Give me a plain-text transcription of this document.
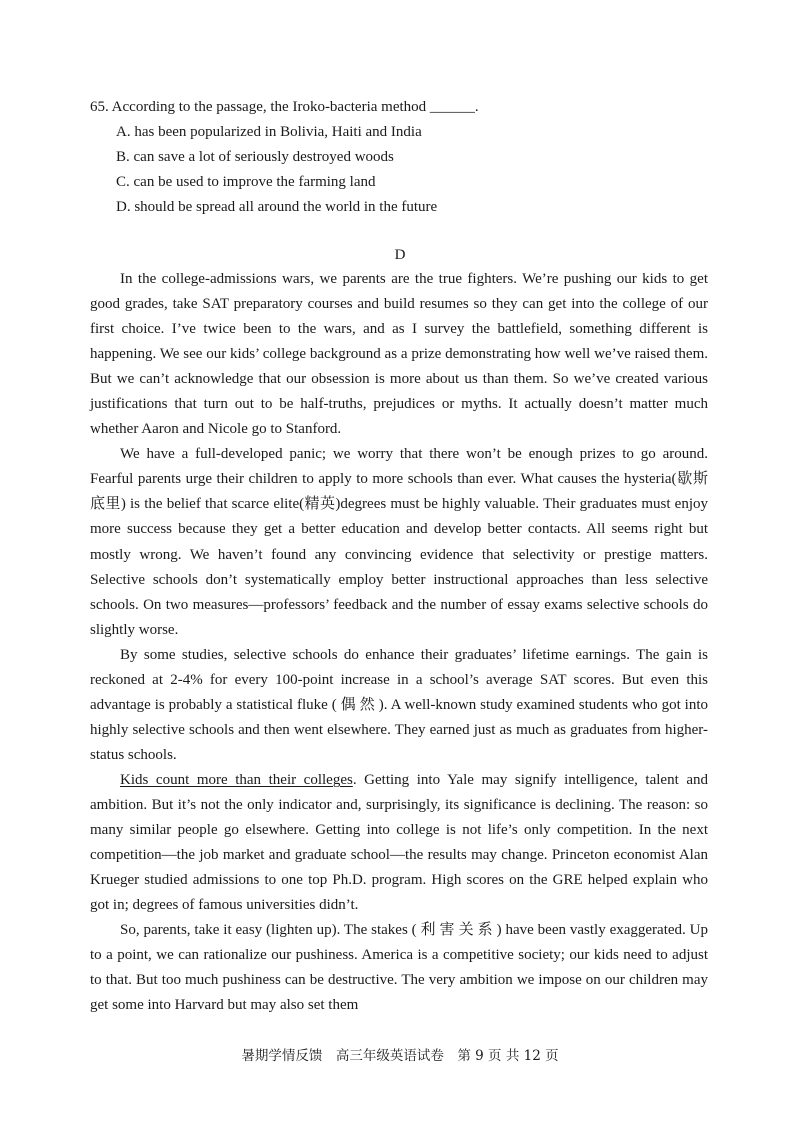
65. According to the passage, the Iroko-bacteria method ______.
A. has been popularized in Bolivia, Haiti and India
B. can save a lot of seriously destroyed woods
C. can be used to improve the farming land
D. should be spread all around the world in the future
D

In the college-admissions wars, we parents are the true fighters. We’re pushing our kids to get good grades, take SAT preparatory courses and build resumes so they can get into the college of our first choice. I’ve twice been to the wars, and as I survey the battlefield, something different is happening. We see our kids’ college background as a prize demonstrating how well we’ve raised them. But we can’t acknowledge that our obsession is more about us than them. So we’ve created various justifications that turn out to be half-truths, prejudices or myths. It actually doesn’t matter much whether Aaron and Nicole go to Stanford.

We have a full-developed panic; we worry that there won’t be enough prizes to go around. Fearful parents urge their children to apply to more schools than ever. What causes the hysteria(歇斯底里) is the belief that scarce elite(精英)degrees must be highly valuable. Their graduates must enjoy more success because they get a better education and develop better contacts. All seems right but mostly wrong. We haven’t found any convincing evidence that selectivity or prestige matters. Selective schools don’t systematically employ better instructional approaches than less selective schools. On two measures—professors’ feedback and the number of essay exams selective schools do slightly worse.

By some studies, selective schools do enhance their graduates’ lifetime earnings. The gain is reckoned at 2-4% for every 100-point increase in a school’s average SAT scores. But even this advantage is probably a statistical fluke ( 偶 然 ). A well-known study examined students who got into highly selective schools and then went elsewhere. They earned just as much as graduates from higher-status schools.

Kids count more than their colleges. Getting into Yale may signify intelligence, talent and ambition. But it’s not the only indicator and, surprisingly, its significance is declining. The reason: so many similar people go elsewhere. Getting into college is not life’s only competition. In the next competition—the job market and graduate school—the results may change. Princeton economist Alan Krueger studied admissions to one top Ph.D. program. High scores on the GRE helped explain who got in; degrees of famous universities didn’t.

So, parents, take it easy (lighten up). The stakes ( 利 害 关 系 ) have been vastly exaggerated. Up to a point, we can rationalize our pushiness. America is a competitive society; our kids need to adjust to that. But too much pushiness can be destructive. The very ambition we impose on our children may get some into Harvard but may also set them

暑期学情反馈　高三年级英语试卷　第 9 页 共 12 页
